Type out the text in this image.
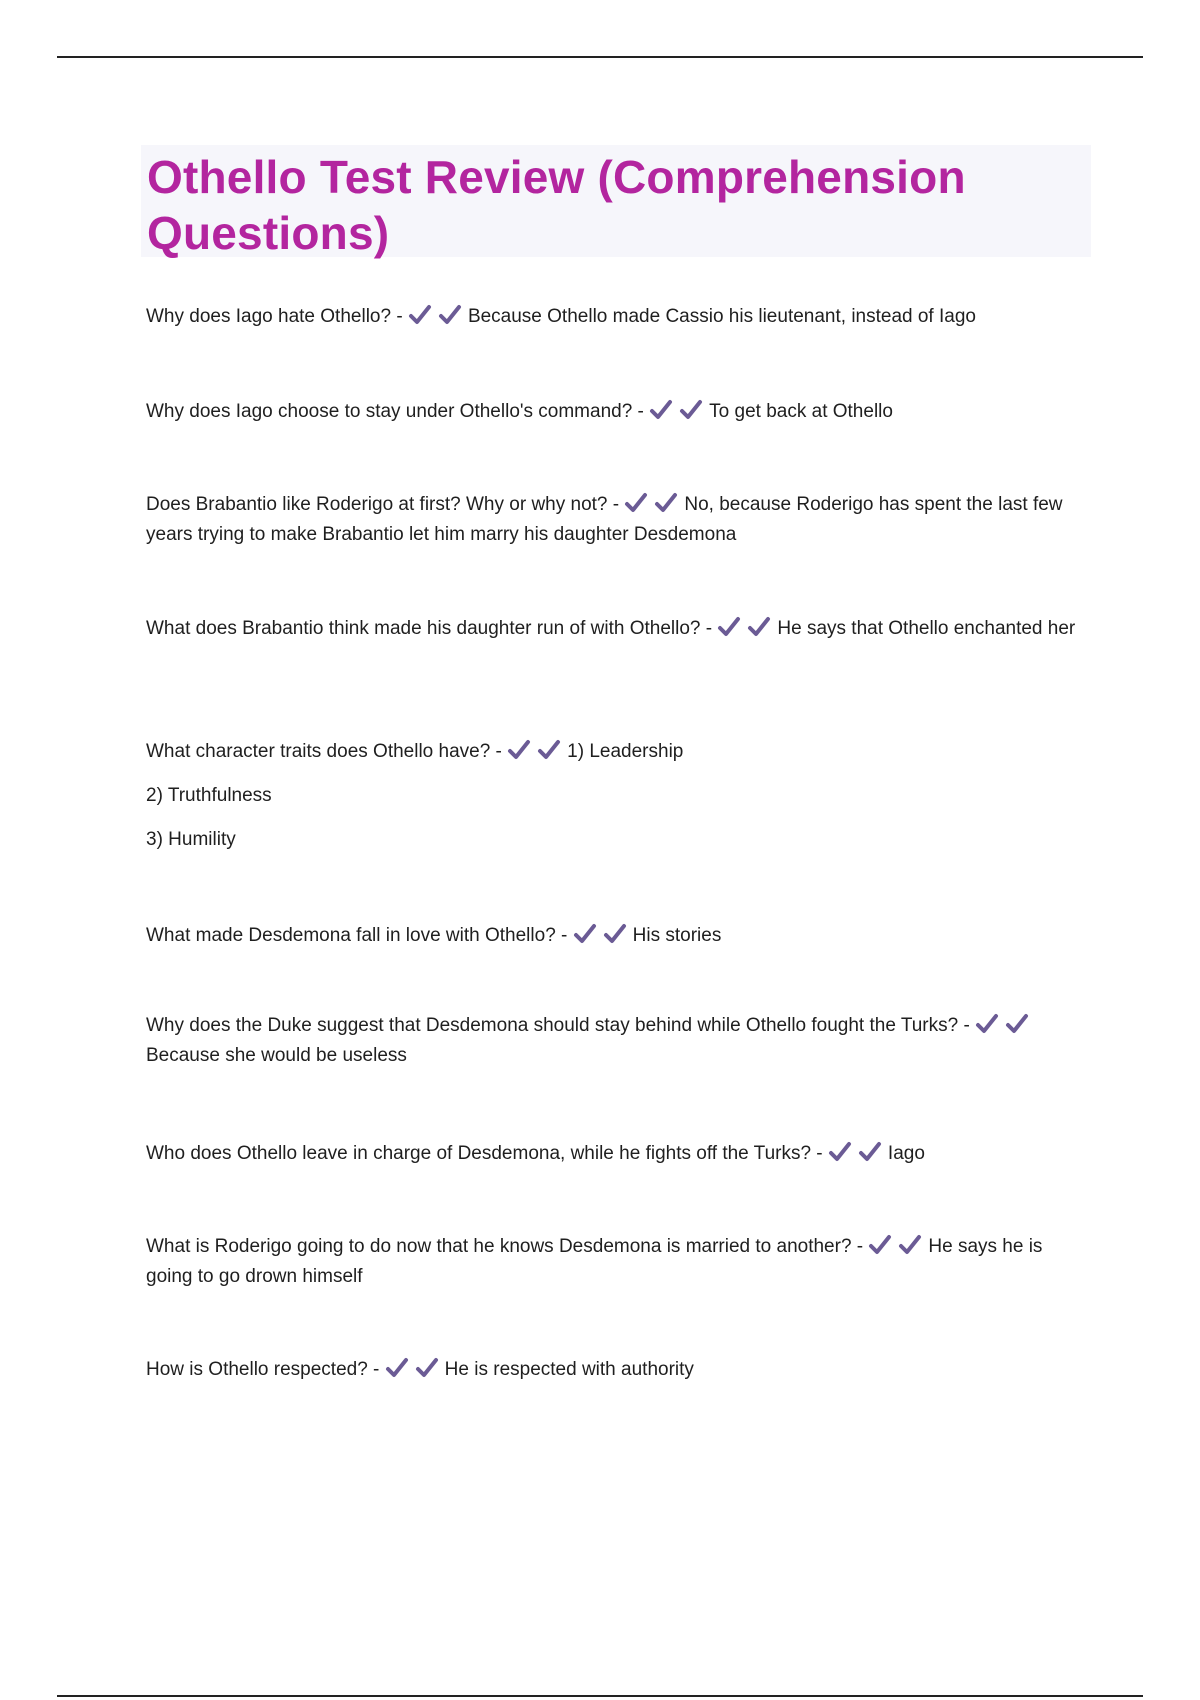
Othello Test Review (Comprehension Questions)

Why does Iago hate Othello? -	Because Othello made Cassio his lieutenant, instead of Iago

Why does Iago choose to stay under Othello's command? -	To get back at Othello

Does Brabantio like Roderigo at first? Why or why not? -	No, because Roderigo has spent the last few years trying to make Brabantio let him marry his daughter Desdemona

What does Brabantio think made his daughter run of with Othello? -	He says that Othello enchanted her

What character traits does Othello have? -	1) Leadership

2) Truthfulness

3) Humility

What made Desdemona fall in love with Othello? -	His stories

Why does the Duke suggest that Desdemona should stay behind while Othello fought the Turks? -
Because she would be useless

Who does Othello leave in charge of Desdemona, while he fights off the Turks? -	Iago

What is Roderigo going to do now that he knows Desdemona is married to another? -	He says he is going to go drown himself

How is Othello respected? -	He is respected with authority
